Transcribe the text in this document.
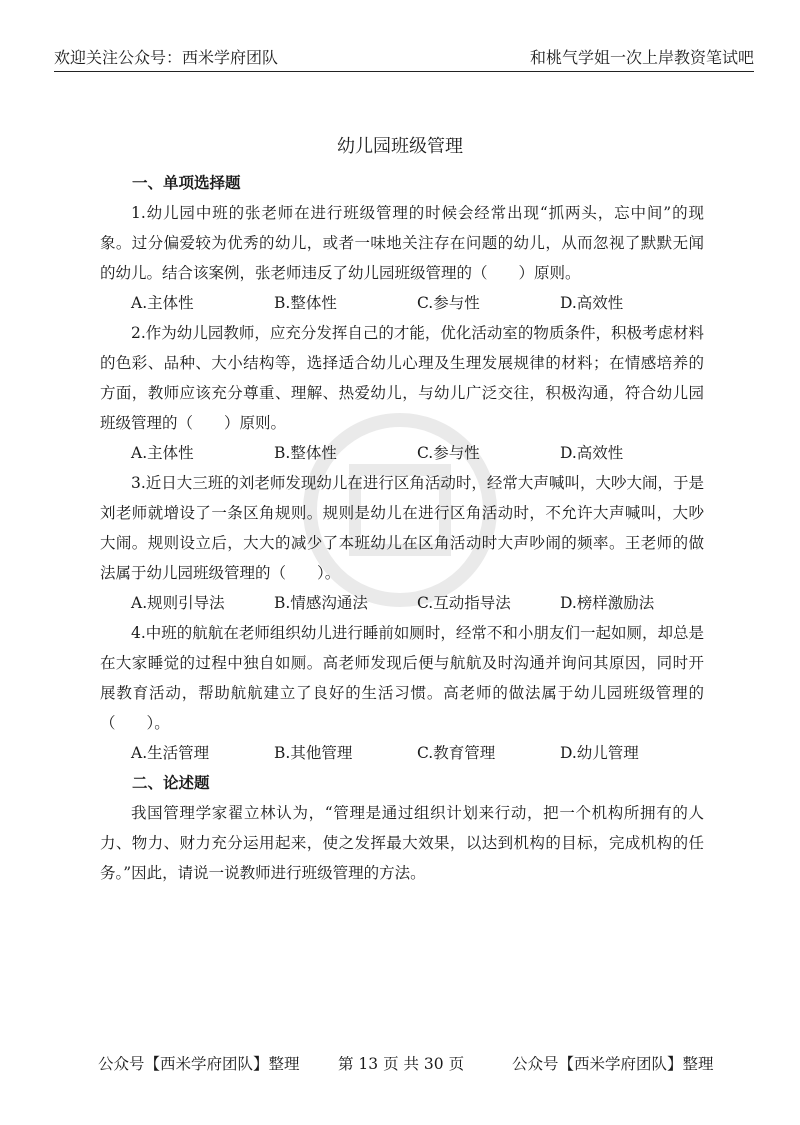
欢迎关注公众号：西米学府团队	和桃气学姐一次上岸教资笔试吧
幼儿园班级管理

一、单项选择题

1.幼儿园中班的张老师在进行班级管理的时候会经常出现“抓两头，忘中间”的现象。过分偏爱较为优秀的幼儿，或者一味地关注存在问题的幼儿，从而忽视了默默无闻的幼儿。结合该案例，张老师违反了幼儿园班级管理的（　　）原则。

A.主体性	B.整体性	C.参与性	D.高效性

2.作为幼儿园教师，应充分发挥自己的才能，优化活动室的物质条件，积极考虑材料的色彩、品种、大小结构等，选择适合幼儿心理及生理发展规律的材料；在情感培养的方面，教师应该充分尊重、理解、热爱幼儿，与幼儿广泛交往，积极沟通，符合幼儿园班级管理的（　　）原则。

A.主体性	B.整体性	C.参与性	D.高效性

3.近日大三班的刘老师发现幼儿在进行区角活动时，经常大声喊叫，大吵大闹，于是刘老师就增设了一条区角规则。规则是幼儿在进行区角活动时，不允许大声喊叫，大吵大闹。规则设立后，大大的减少了本班幼儿在区角活动时大声吵闹的频率。王老师的做法属于幼儿园班级管理的（　　）。

A.规则引导法	B.情感沟通法	C.互动指导法	D.榜样激励法

4.中班的航航在老师组织幼儿进行睡前如厕时，经常不和小朋友们一起如厕，却总是在大家睡觉的过程中独自如厕。高老师发现后便与航航及时沟通并询问其原因，同时开展教育活动，帮助航航建立了良好的生活习惯。高老师的做法属于幼儿园班级管理的（　　）。

A.生活管理	B.其他管理	C.教育管理	D.幼儿管理

二、论述题

我国管理学家翟立林认为，“管理是通过组织计划来行动，把一个机构所拥有的人力、物力、财力充分运用起来，使之发挥最大效果，以达到机构的目标，完成机构的任务。”因此，请说一说教师进行班级管理的方法。

公众号【西米学府团队】整理 第 13 页 共 30 页	公众号【西米学府团队】整理
